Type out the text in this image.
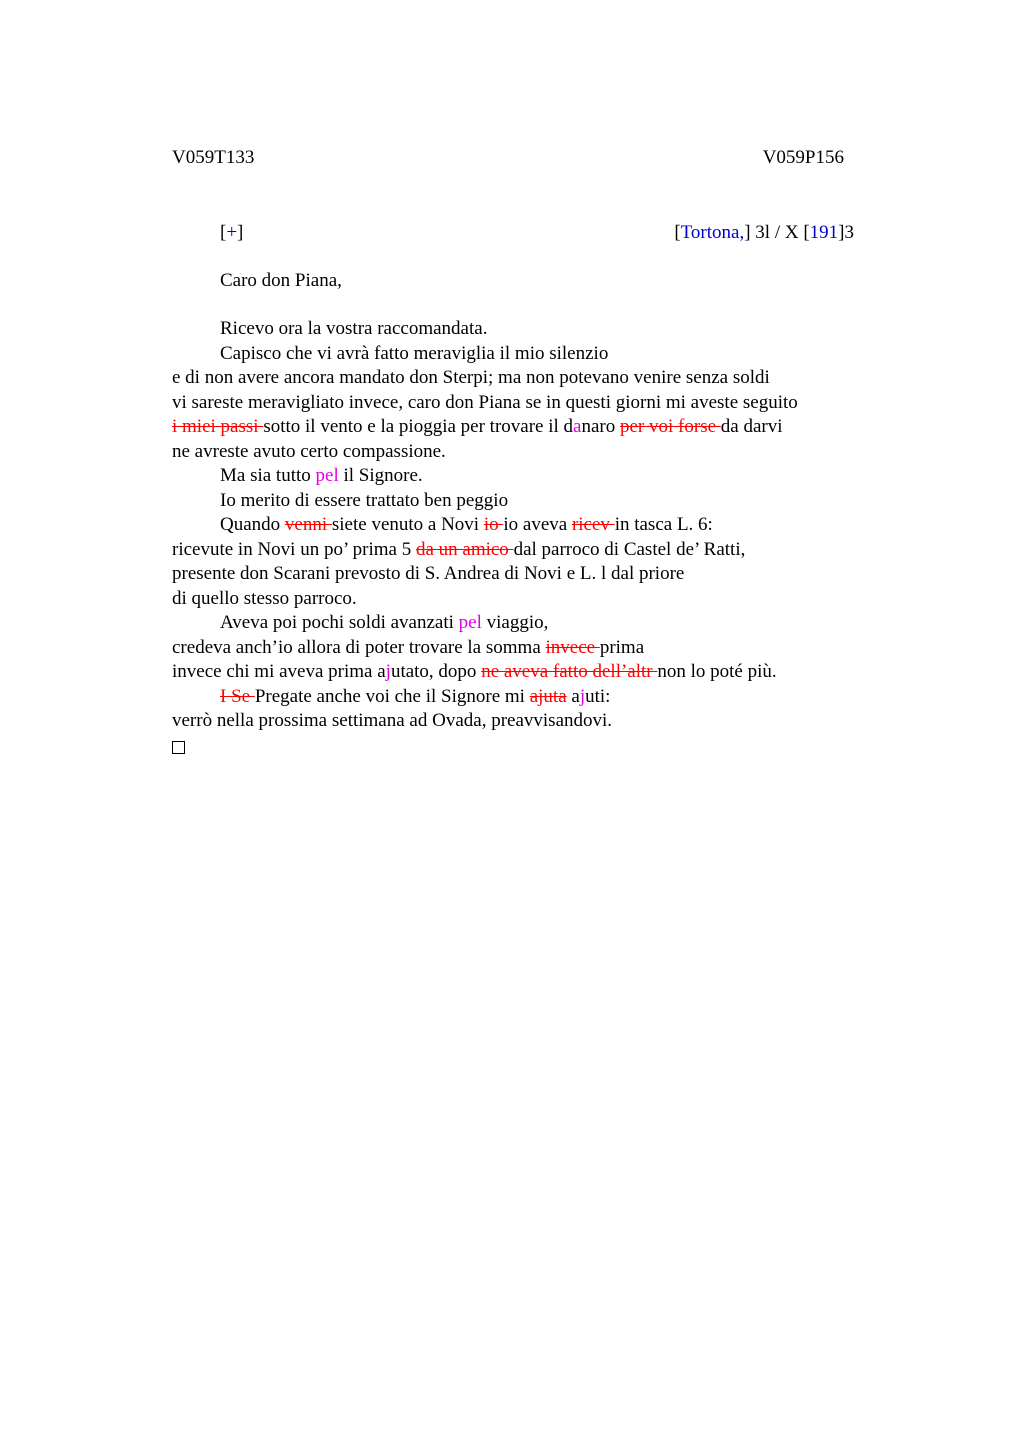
V059T133	V059P156
[+]	[Tortona,] 3l / X [191]3
Caro don Piana,
Ricevo ora la vostra raccomandata.
Capisco che vi avrà fatto meraviglia il mio silenzio
e di non avere ancora mandato don Sterpi; ma non potevano venire senza soldi
vi sareste meravigliato invece, caro don Piana se in questi giorni mi aveste seguito
i miei passi sotto il vento e la pioggia per trovare il danaro per voi forse da darvi
ne avreste avuto certo compassione.
Ma sia tutto pel il Signore.
Io merito di essere trattato ben peggio
Quando venni siete venuto a Novi io io aveva ricev in tasca L. 6:
ricevute in Novi un po’ prima 5 da un amico dal parroco di Castel de’ Ratti,
presente don Scarani prevosto di S. Andrea di Novi e L. l dal priore
di quello stesso parroco.
Aveva poi pochi soldi avanzati pel viaggio,
credeva anch’io allora di poter trovare la somma invece prima
invece chi mi aveva prima ajutato, dopo ne aveva fatto dell’altr non lo poté più.
I Se Pregate anche voi che il Signore mi ajuta ajuti:
verrò nella prossima settimana ad Ovada, preavvisandovi.
